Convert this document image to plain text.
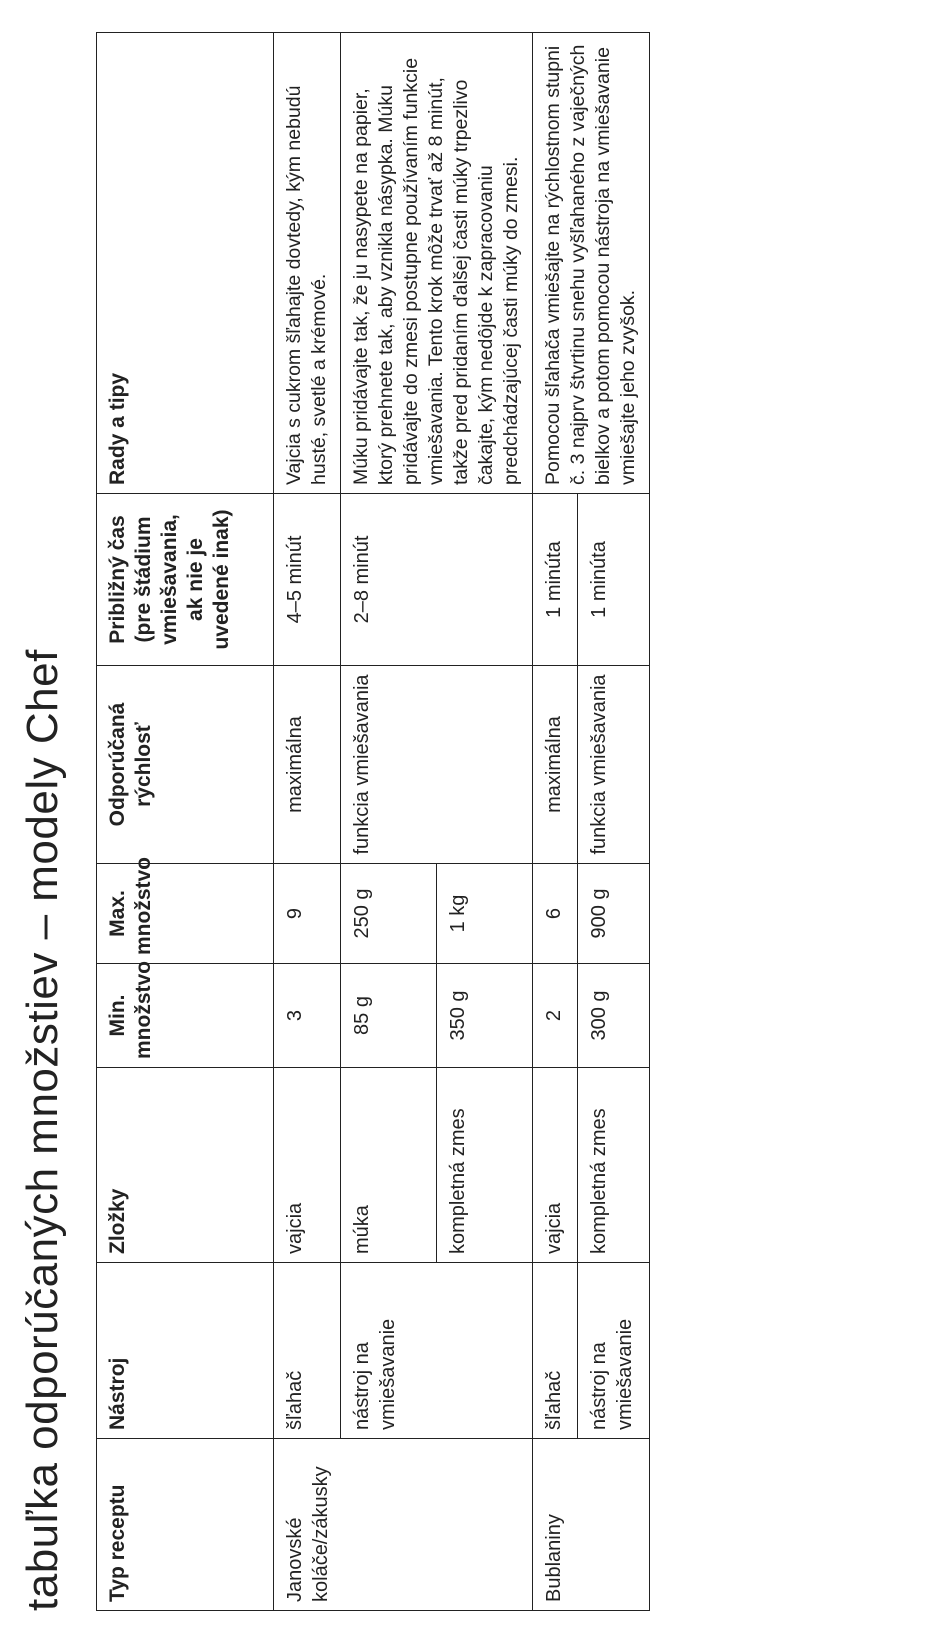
tabuľka odporúčaných množstiev – modely Chef Typ receptu	Nástroj	Zložky	Min. množstvo	Max. množstvo	Odporúčaná rýchlosť	Približný čas (pre štádium vmiešavania, ak nie je uvedené inak)	Rady a tipy
Janovské koláče/zákusky	šľahač	vajcia	3	9	maximálna	4–5 minút	Vajcia s cukrom šľahajte dovtedy, kým nebudú husté, svetlé a krémové.
	nástroj na vmiešavanie	múka	85 g	250 g	funkcia vmiešavania	2–8 minút	Múku pridávajte tak, že ju nasypete na papier, ktorý prehnete tak, aby vznikla násypka. Múku pridávajte do zmesi postupne používaním funkcie vmiešavania. Tento krok môže trvať až 8 minút, takže pred pridaním ďalšej časti múky trpezlivo čakajte, kým nedôjde k zapracovaniu predchádzajúcej časti múky do zmesi.
		kompletná zmes	350 g	1 kg			
Bublaniny	šľahač	vajcia	2	6	maximálna	1 minúta	Pomocou šľahača vmiešajte na rýchlostnom stupni č. 3 najprv štvrtinu snehu vyšľahaného z vaječných bielkov a potom pomocou nástroja na vmiešavanie vmiešajte jeho zvyšok.
	nástroj na vmiešavanie	kompletná zmes	300 g	900 g	funkcia vmiešavania	1 minúta	
